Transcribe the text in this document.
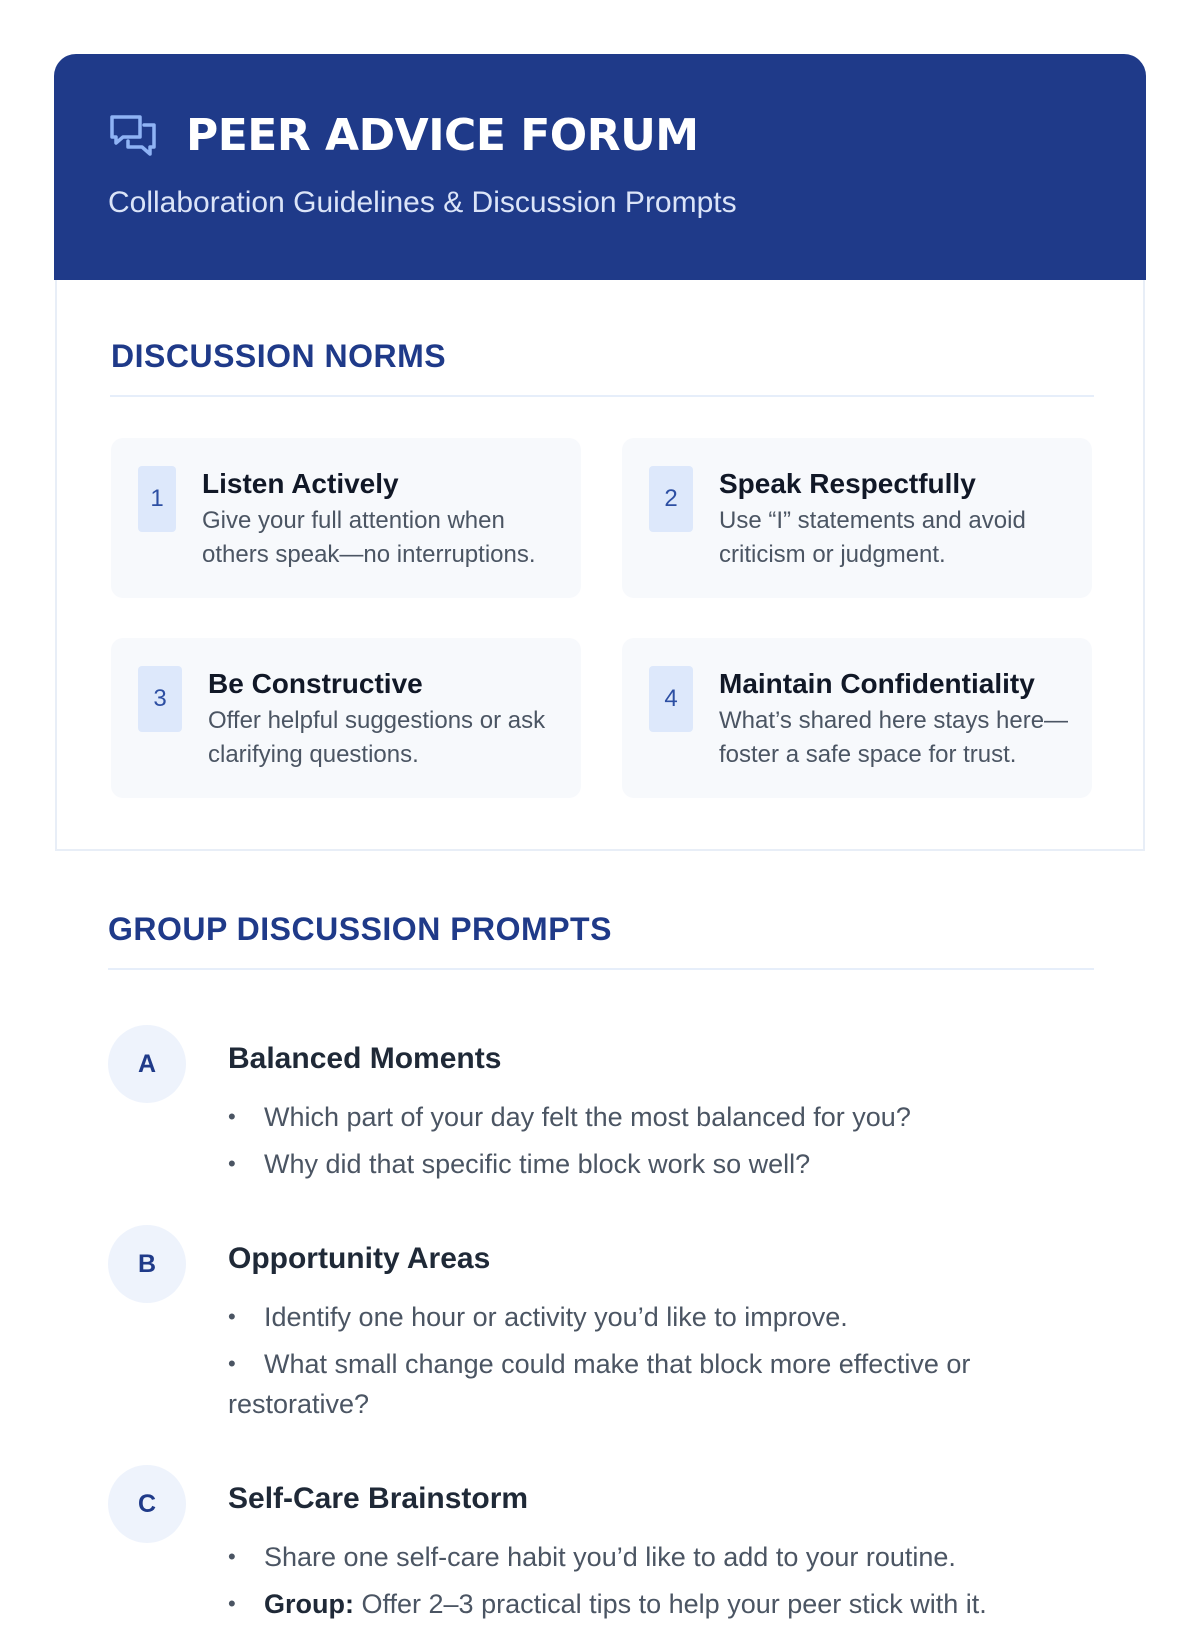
PEER ADVICE FORUM
Collaboration Guidelines & Discussion Prompts
DISCUSSION NORMS
1	Listen Actively
Give your full attention when others speak—no interruptions.
2	Speak Respectfully
Use “I” statements and avoid criticism or judgment.
3	Be Constructive
Offer helpful suggestions or ask clarifying questions.
4	Maintain Confidentiality
What’s shared here stays here—foster a safe space for trust.
GROUP DISCUSSION PROMPTS
A	Balanced Moments
• Which part of your day felt the most balanced for you?
• Why did that specific time block work so well?
B	Opportunity Areas
• Identify one hour or activity you’d like to improve.
• What small change could make that block more effective or restorative?
C	Self-Care Brainstorm
• Share one self-care habit you’d like to add to your routine.
• Group: Offer 2–3 practical tips to help your peer stick with it.
